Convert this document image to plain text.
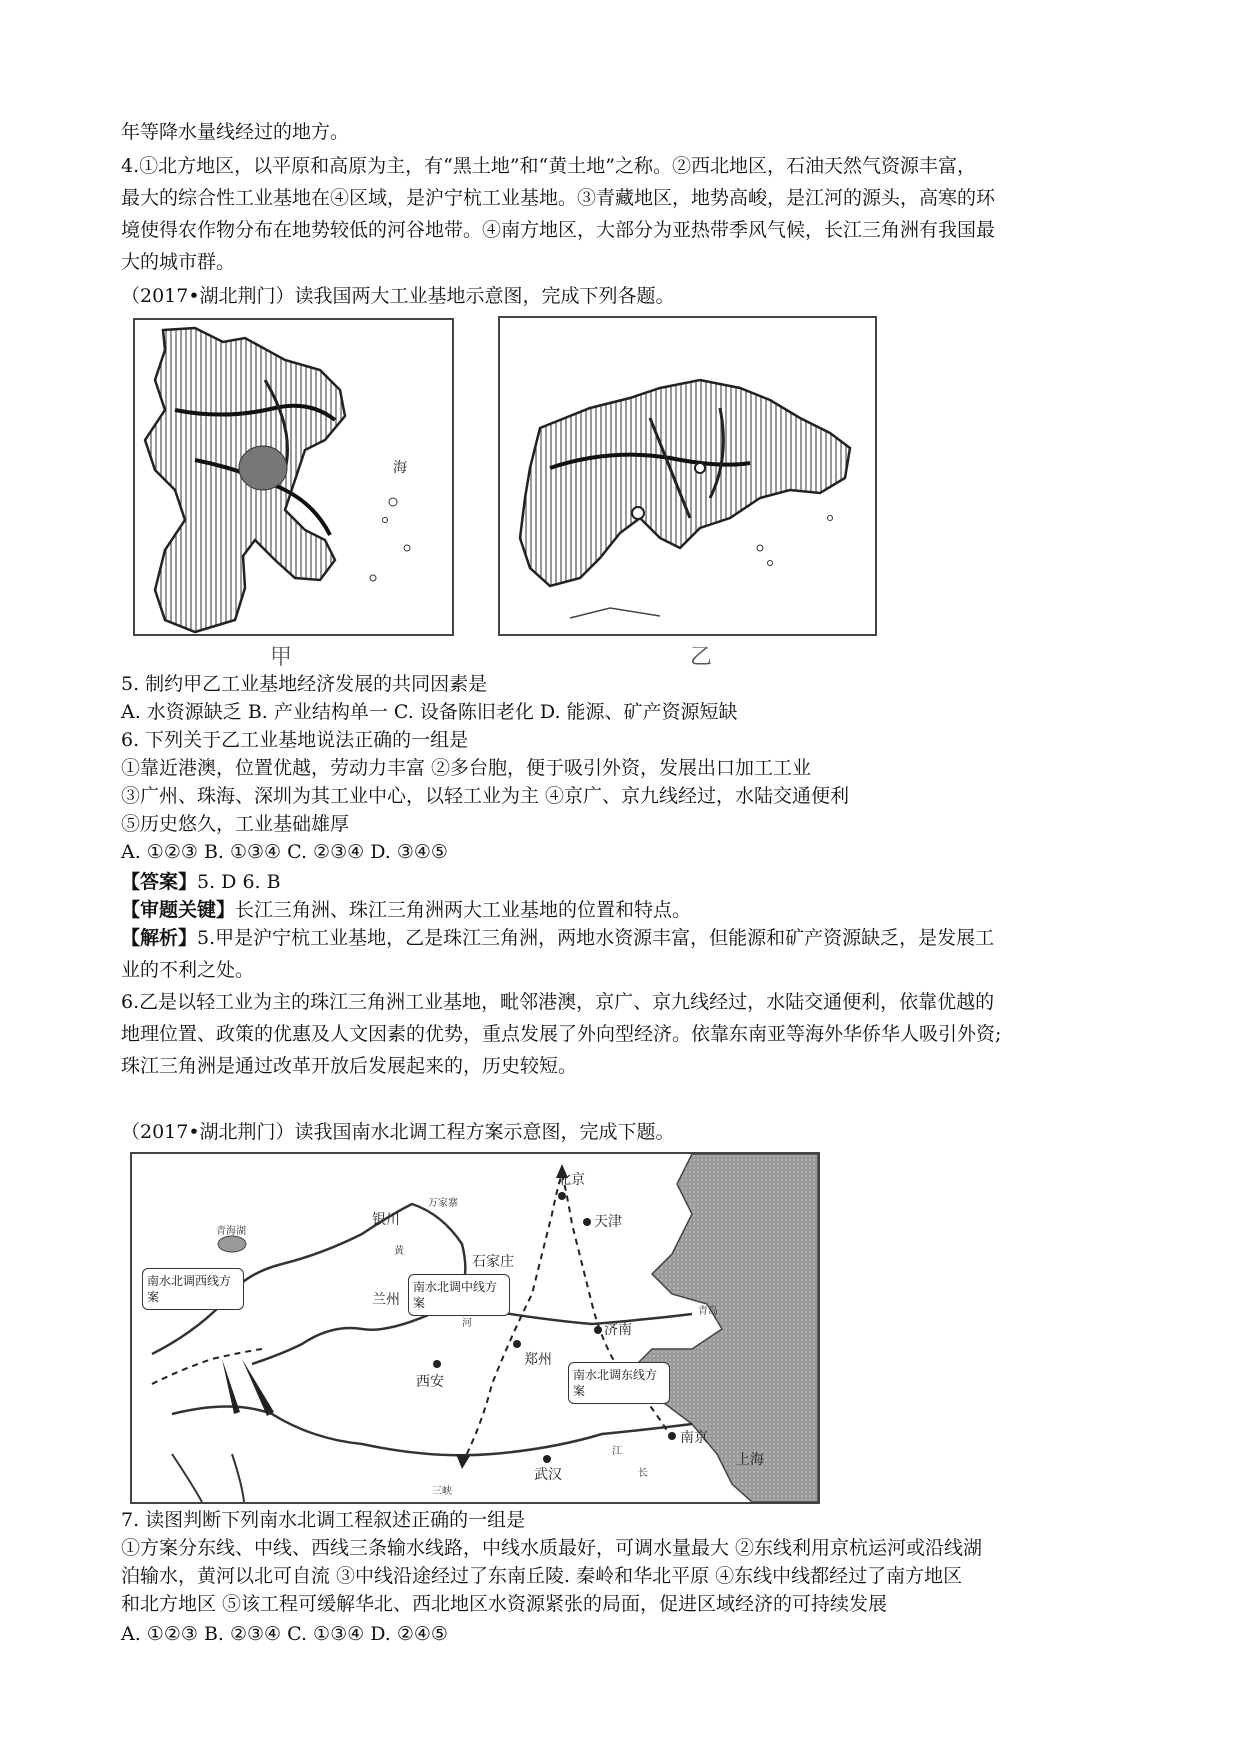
年等降水量线经过的地方。
4.①北方地区，以平原和高原为主，有“黑土地”和“黄土地”之称。②西北地区，石油天然气资源丰富，
最大的综合性工业基地在④区域，是沪宁杭工业基地。③青藏地区，地势高峻，是江河的源头，高寒的环
境使得农作物分布在地势较低的河谷地带。④南方地区，大部分为亚热带季风气候，长江三角洲有我国最
大的城市群。
（2017•湖北荆门）读我国两大工业基地示意图，完成下列各题。
海
甲	乙
5. 制约甲乙工业基地经济发展的共同因素是
A. 水资源缺乏 B. 产业结构单一 C. 设备陈旧老化 D. 能源、矿产资源短缺
6. 下列关于乙工业基地说法正确的一组是
①靠近港澳，位置优越，劳动力丰富 ②多台胞，便于吸引外资，发展出口加工工业
③广州、珠海、深圳为其工业中心，以轻工业为主 ④京广、京九线经过，水陆交通便利
⑤历史悠久，工业基础雄厚
A. ①②③ B. ①③④ C. ②③④ D. ③④⑤
【答案】5. D 6. B
【审题关键】长江三角洲、珠江三角洲两大工业基地的位置和特点。
【解析】5.甲是沪宁杭工业基地，乙是珠江三角洲，两地水资源丰富，但能源和矿产资源缺乏，是发展工
业的不利之处。
6.乙是以轻工业为主的珠江三角洲工业基地，毗邻港澳，京广、京九线经过，水陆交通便利，依靠优越的
地理位置、政策的优惠及人文因素的优势，重点发展了外向型经济。依靠东南亚等海外华侨华人吸引外资;
珠江三角洲是通过改革开放后发展起来的，历史较短。
（2017•湖北荆门）读我国南水北调工程方案示意图，完成下题。
北京
天津
银川
万家寨
石家庄
青海湖
兰州
济南
青岛
郑州
西安
南京
上海
武汉
三峡
黄
河
江
长
南水北调西线方案
南水北调中线方案
南水北调东线方案
7. 读图判断下列南水北调工程叙述正确的一组是
①方案分东线、中线、西线三条输水线路，中线水质最好，可调水量最大 ②东线利用京杭运河或沿线湖
泊输水，黄河以北可自流 ③中线沿途经过了东南丘陵. 秦岭和华北平原 ④东线中线都经过了南方地区
和北方地区 ⑤该工程可缓解华北、西北地区水资源紧张的局面，促进区域经济的可持续发展
A. ①②③ B. ②③④ C. ①③④ D. ②④⑤
